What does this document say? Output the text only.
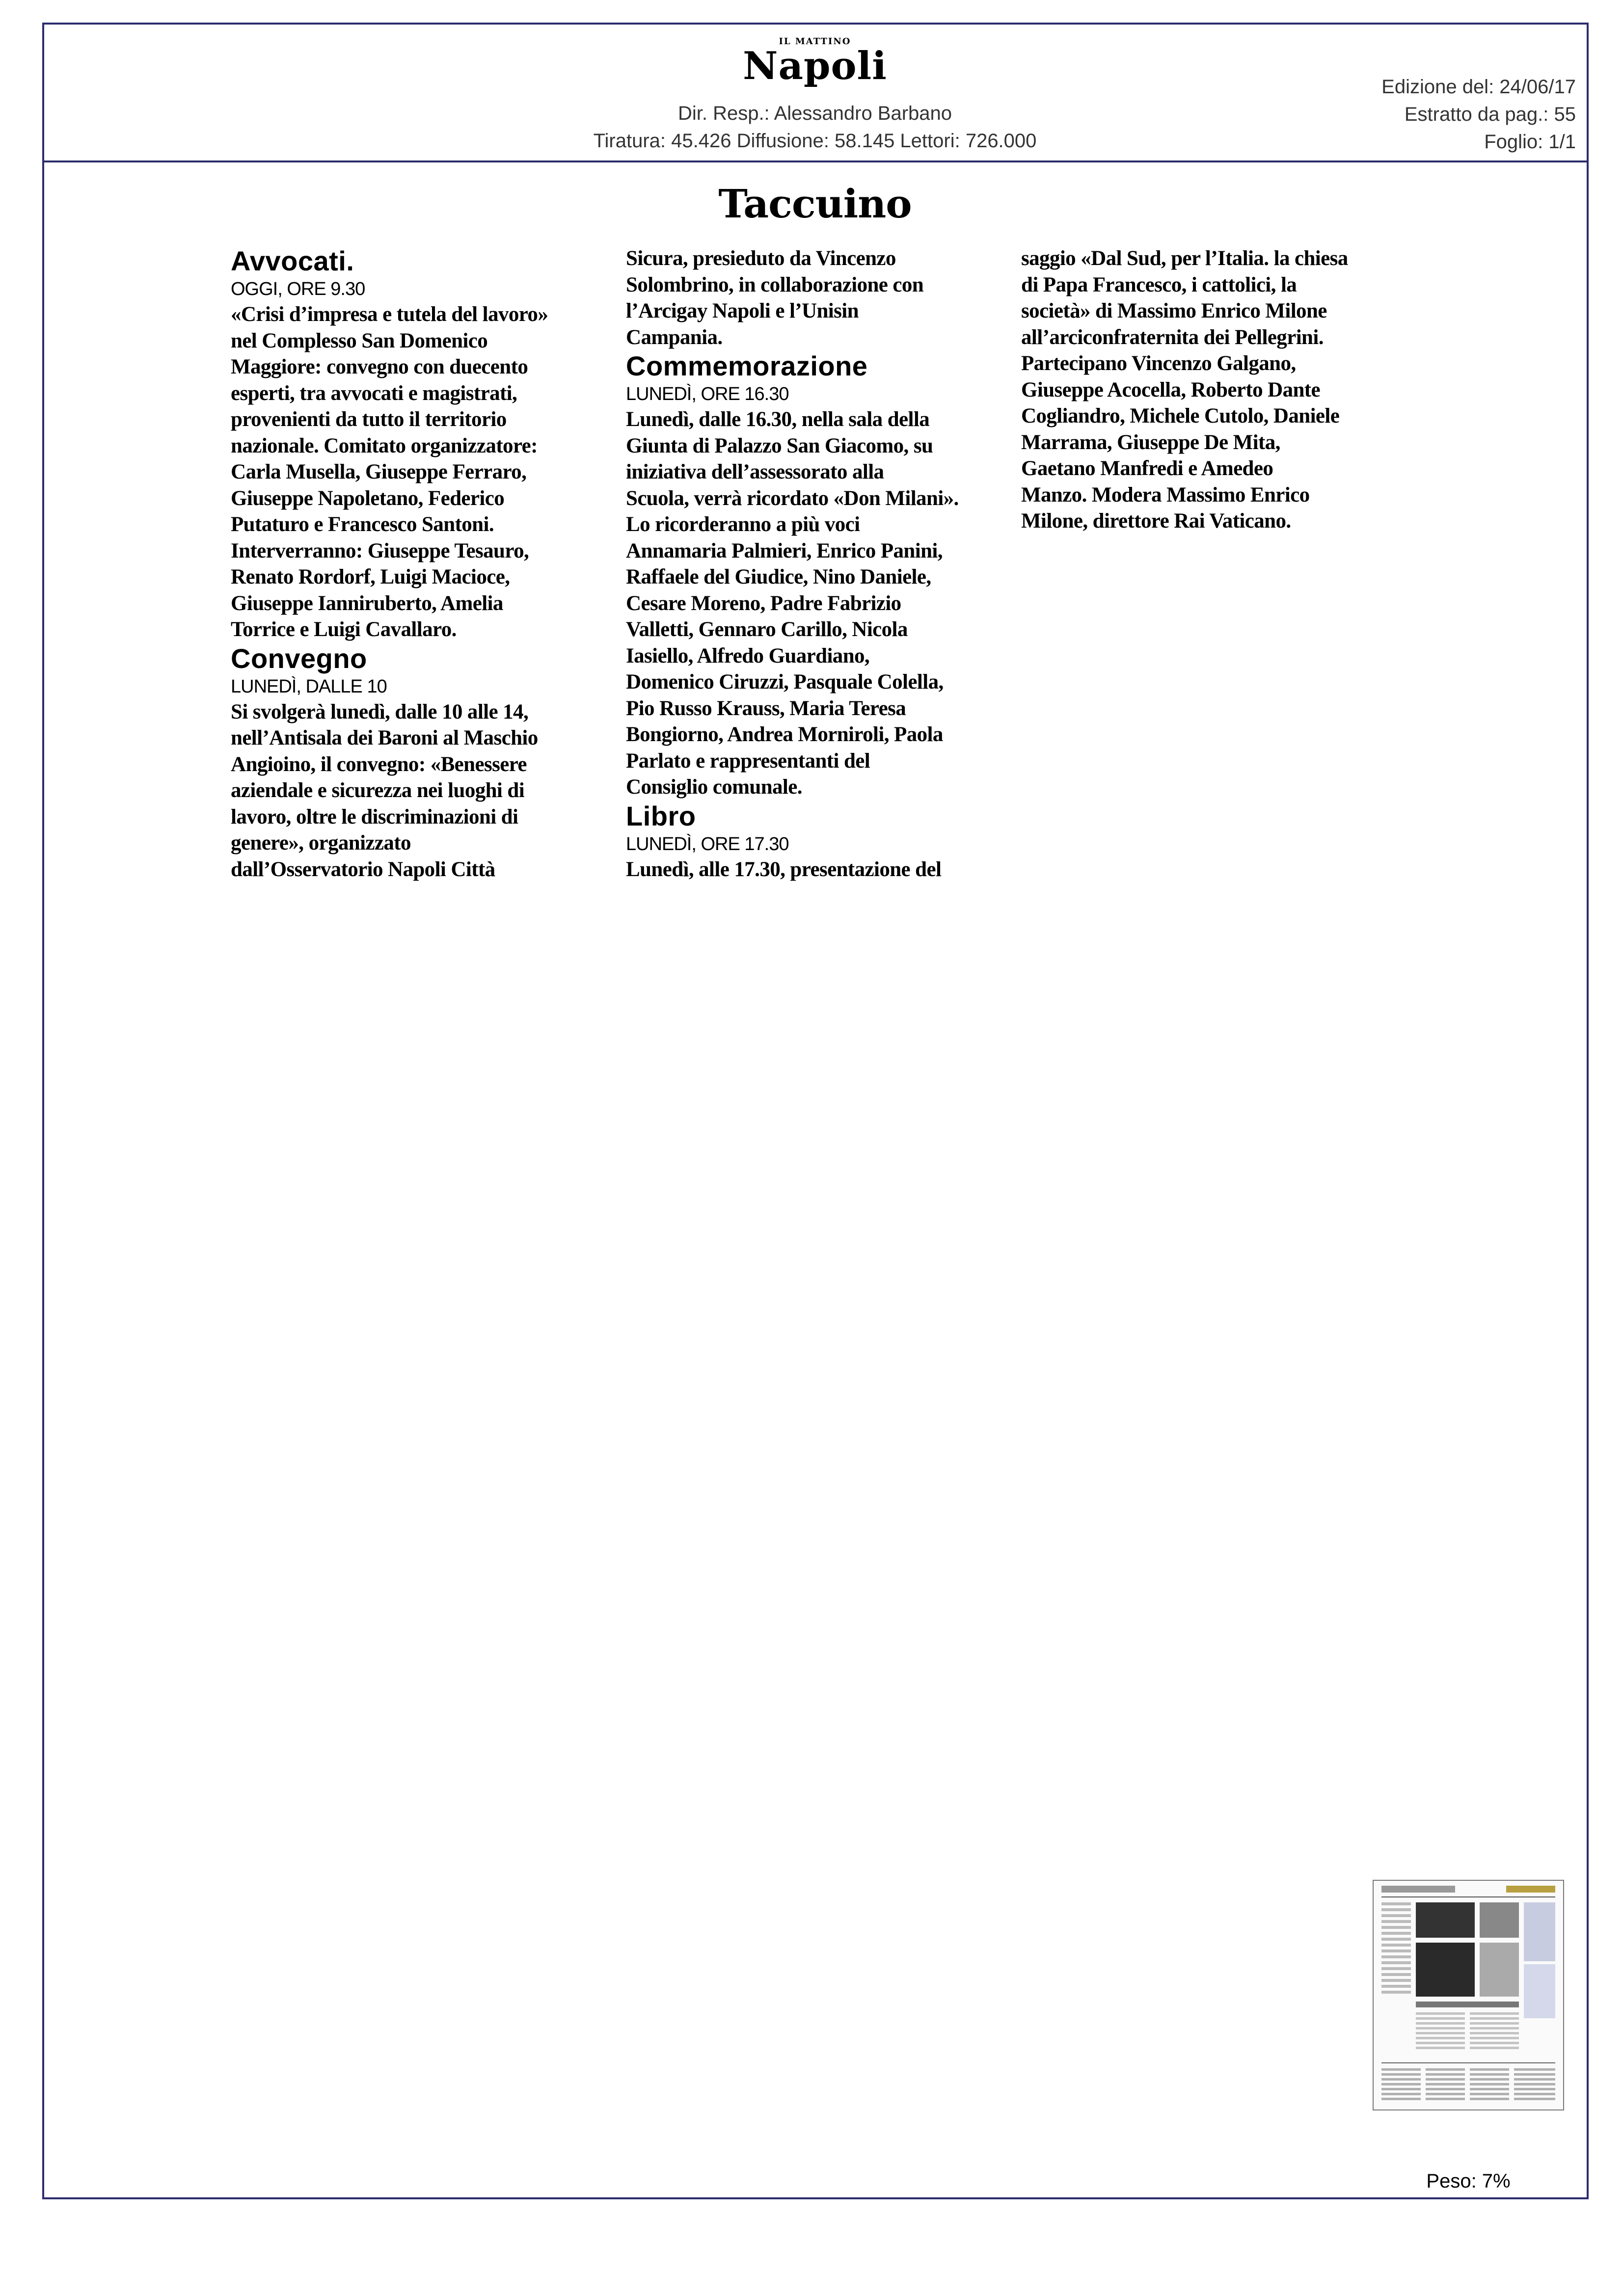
IL MATTINO
Napoli
Dir. Resp.: Alessandro Barbano
Tiratura: 45.426 Diffusione: 58.145 Lettori: 726.000
Edizione del: 24/06/17
Estratto da pag.: 55
Foglio: 1/1
Taccuino
Avvocati.
OGGI, ORE 9.30
«Crisi d’impresa e tutela del lavoro»
nel Complesso San Domenico
Maggiore: convegno con duecento
esperti, tra avvocati e magistrati,
provenienti da tutto il territorio
nazionale. Comitato organizzatore:
Carla Musella, Giuseppe Ferraro,
Giuseppe Napoletano, Federico
Putaturo e Francesco Santoni.
Interverranno: Giuseppe Tesauro,
Renato Rordorf, Luigi Macioce,
Giuseppe Ianniruberto, Amelia
Torrice e Luigi Cavallaro.
Convegno
LUNEDÌ, DALLE 10
Si svolgerà lunedì, dalle 10 alle 14,
nell’Antisala dei Baroni al Maschio
Angioino, il convegno: «Benessere
aziendale e sicurezza nei luoghi di
lavoro, oltre le discriminazioni di
genere», organizzato
dall’Osservatorio Napoli Città
Sicura, presieduto da Vincenzo
Solombrino, in collaborazione con
l’Arcigay Napoli e l’Unisin
Campania.
Commemorazione
LUNEDÌ, ORE 16.30
Lunedì, dalle 16.30, nella sala della
Giunta di Palazzo San Giacomo, su
iniziativa dell’assessorato alla
Scuola, verrà ricordato «Don Milani».
Lo ricorderanno a più voci
Annamaria Palmieri, Enrico Panini,
Raffaele del Giudice, Nino Daniele,
Cesare Moreno, Padre Fabrizio
Valletti, Gennaro Carillo, Nicola
Iasiello, Alfredo Guardiano,
Domenico Ciruzzi, Pasquale Colella,
Pio Russo Krauss, Maria Teresa
Bongiorno, Andrea Morniroli, Paola
Parlato e rappresentanti del
Consiglio comunale.
Libro
LUNEDÌ, ORE 17.30
Lunedì, alle 17.30, presentazione del
saggio «Dal Sud, per l’Italia. la chiesa
di Papa Francesco, i cattolici, la
società» di Massimo Enrico Milone
all’arciconfraternita dei Pellegrini.
Partecipano Vincenzo Galgano,
Giuseppe Acocella, Roberto Dante
Cogliandro, Michele Cutolo, Daniele
Marrama, Giuseppe De Mita,
Gaetano Manfredi e Amedeo
Manzo. Modera Massimo Enrico
Milone, direttore Rai Vaticano.
Peso: 7%
